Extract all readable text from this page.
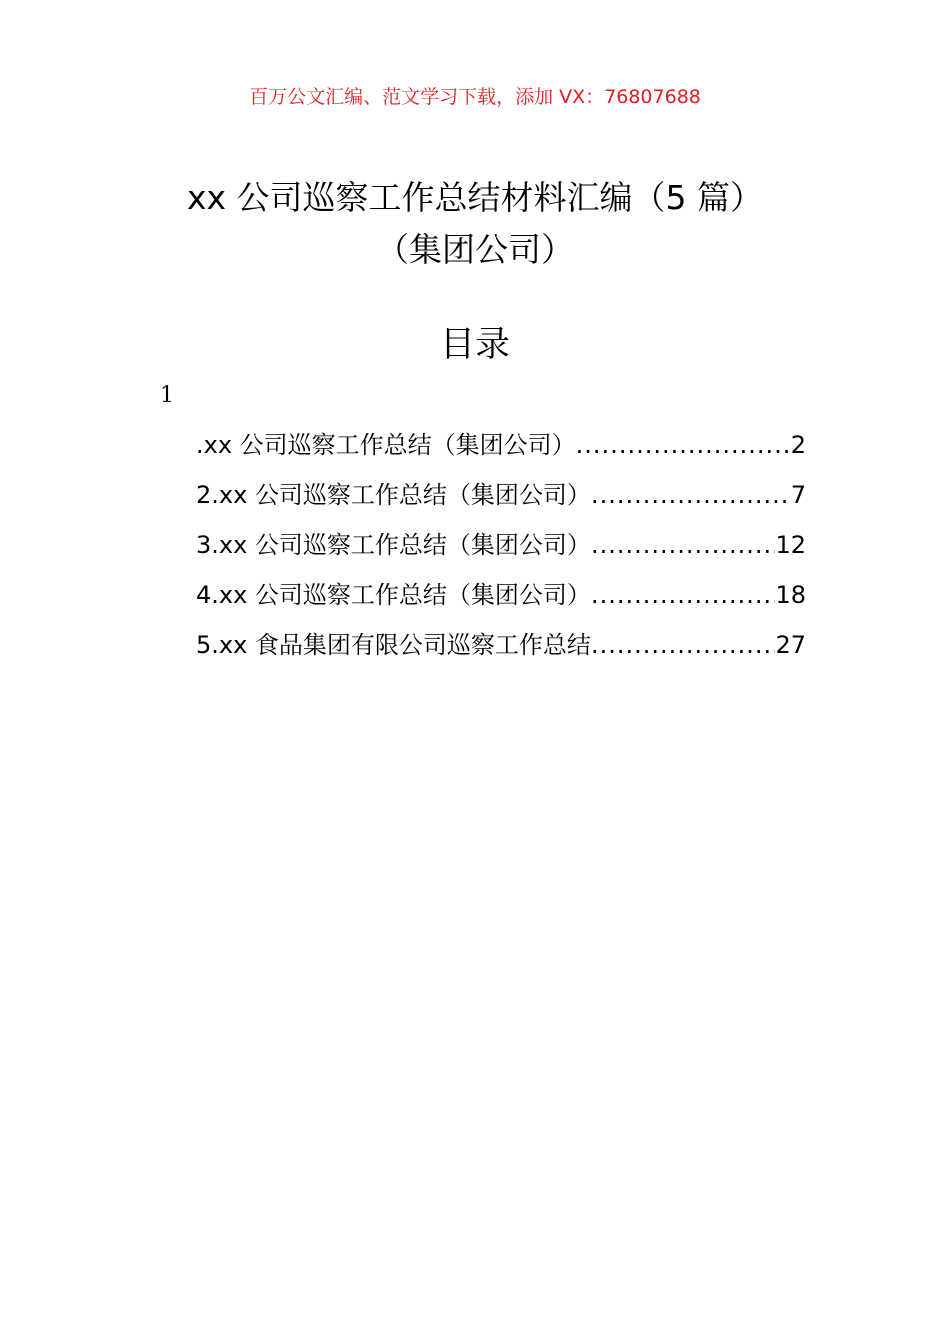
百万公文汇编、范文学习下载，添加 VX：76807688
xx 公司巡察工作总结材料汇编（5 篇）
（集团公司）
目录
1
.xx 公司巡察工作总结（集团公司） .....	2
2.xx 公司巡察工作总结（集团公司） .....	7
3.xx 公司巡察工作总结（集团公司） .....	12
4.xx 公司巡察工作总结（集团公司） .....	18
5.xx 食品集团有限公司巡察工作总结 .....	27
